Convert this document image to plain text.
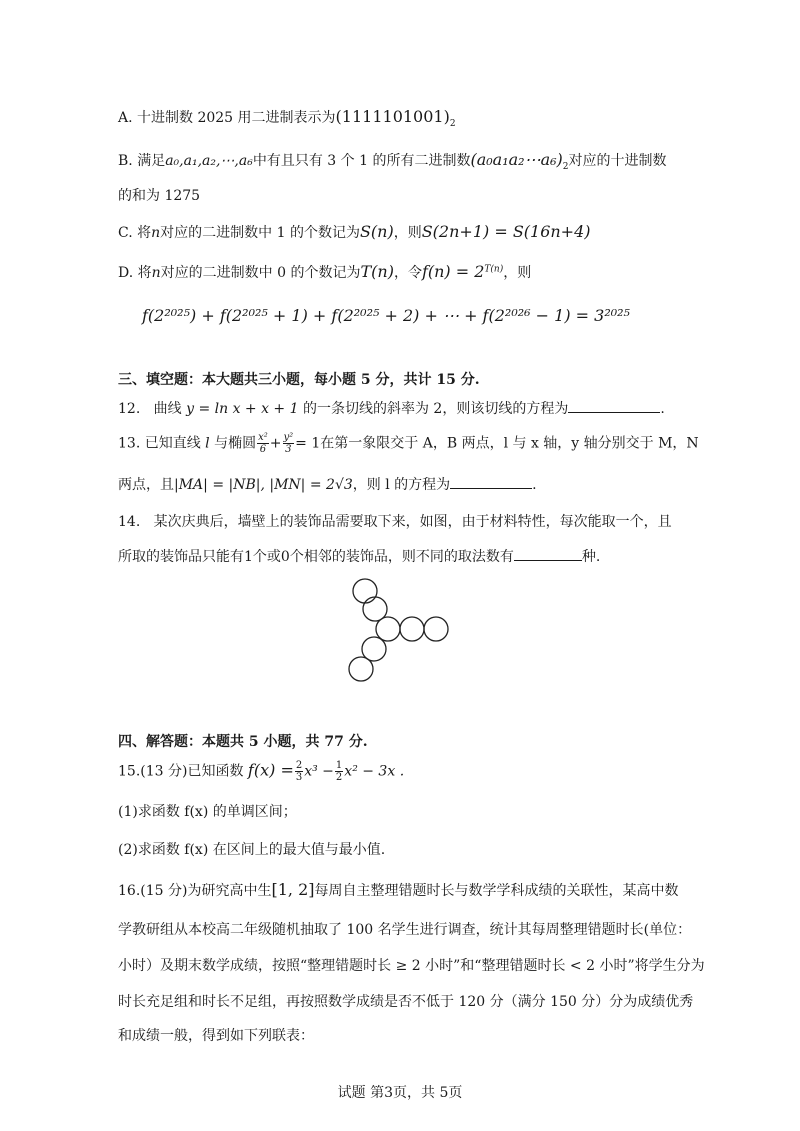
A. 十进制数 2025 用二进制表示为$(1111101001)_2$
B. 满足a₀,a₁,a₂,⋯,a₆中有且只有 3 个 1 的所有二进制数$(a_0a_1a_2\cdots a_6)_2$对应的十进制数
的和为 1275
C. 将n对应的二进制数中 1 的个数记为S(n)，则S(2n+1) = S(16n+4)
D. 将n对应的二进制数中 0 的个数记为T(n)，令$f(n) = 2^{T(n)}$，则
f(2²⁰²⁵) + f(2²⁰²⁵ + 1) + f(2²⁰²⁵ + 2) + ⋯ + f(2²⁰²⁶ − 1) = 3²⁰²⁵
三、填空题：本大题共三小题，每小题 5 分，共计 15 分.
12. 曲线 y = ln x + x + 1 的一条切线的斜率为 2，则该切线的方程为	.
13. 已知直线 l 与椭圆 $\frac{\text{x²}}{6} + \frac{\text{y²}}{3} = 1$在第一象限交于 A，B 两点，l 与 x 轴，y 轴分别交于 M，N
两点，且|MA| = |NB|, |MN| = 2√3，则 l 的方程为	.
14. 某次庆典后，墙壁上的装饰品需要取下来，如图，由于材料特性，每次能取一个，且
所取的装饰品只能有1个或0个相邻的装饰品，则不同的取法数有	种.
四、解答题：本题共 5 小题，共 77 分.
15.(13 分)已知函数 $f(x) = \frac{2}{3} x^3 - \frac{1}{2} x^2 - 3x$ .
(1)求函数 f(x) 的单调区间；
(2)求函数 f(x) 在区间上的最大值与最小值.
16.(15 分)为研究高中生[1, 2]每周自主整理错题时长与数学学科成绩的关联性，某高中数
学教研组从本校高二年级随机抽取了 100 名学生进行调查，统计其每周整理错题时长(单位：
小时）及期末数学成绩，按照“整理错题时长 ≥ 2 小时”和“整理错题时长 < 2 小时”将学生分为
时长充足组和时长不足组，再按照数学成绩是否不低于 120 分（满分 150 分）分为成绩优秀
和成绩一般，得到如下列联表：
试题 第3页，共 5页
